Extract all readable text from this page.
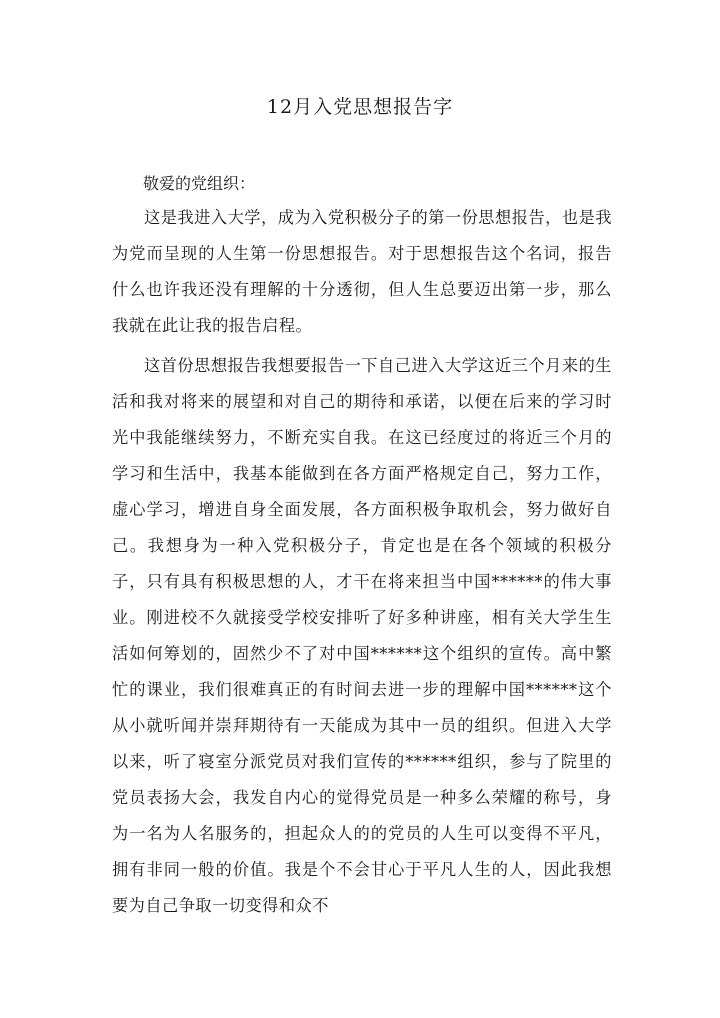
12月入党思想报告字

敬爱的党组织：

这是我进入大学，成为入党积极分子的第一份思想报告，也是我为党而呈现的人生第一份思想报告。对于思想报告这个名词，报告什么也许我还没有理解的十分透彻，但人生总要迈出第一步，那么我就在此让我的报告启程。

这首份思想报告我想要报告一下自己进入大学这近三个月来的生活和我对将来的展望和对自己的期待和承诺，以便在后来的学习时光中我能继续努力，不断充实自我。在这已经度过的将近三个月的学习和生活中，我基本能做到在各方面严格规定自己，努力工作，虚心学习，增进自身全面发展，各方面积极争取机会，努力做好自己。我想身为一种入党积极分子，肯定也是在各个领域的积极分子，只有具有积极思想的人，才干在将来担当中国******的伟大事业。刚进校不久就接受学校安排听了好多种讲座，相有关大学生生活如何筹划的，固然少不了对中国******这个组织的宣传。高中繁忙的课业，我们很难真正的有时间去进一步的理解中国******这个从小就听闻并崇拜期待有一天能成为其中一员的组织。但进入大学以来，听了寝室分派党员对我们宣传的******组织，参与了院里的党员表扬大会，我发自内心的觉得党员是一种多么荣耀的称号，身为一名为人名服务的，担起众人的的党员的人生可以变得不平凡，拥有非同一般的价值。我是个不会甘心于平凡人生的人，因此我想要为自己争取一切变得和众不
